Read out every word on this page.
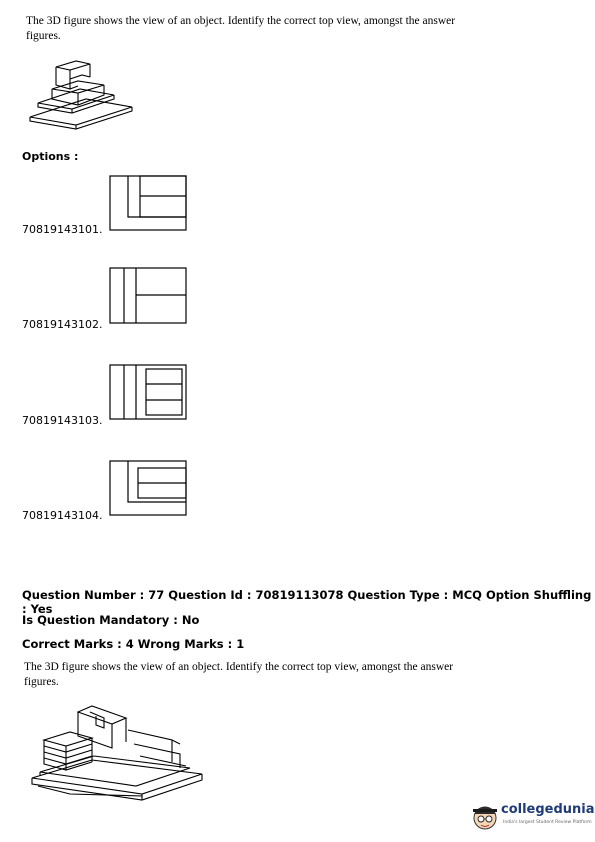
The 3D figure shows the view of an object. Identify the correct top view, amongst the answer figures.
Options :
70819143101.
70819143102.
70819143103.
70819143104.
Question Number : 77 Question Id : 70819113078 Question Type : MCQ Option Shuffling : Yes
Is Question Mandatory : No
Correct Marks : 4 Wrong Marks : 1
The 3D figure shows the view of an object. Identify the correct top view, amongst the answer figures.
collegedunia
India's largest Student Review Platform
